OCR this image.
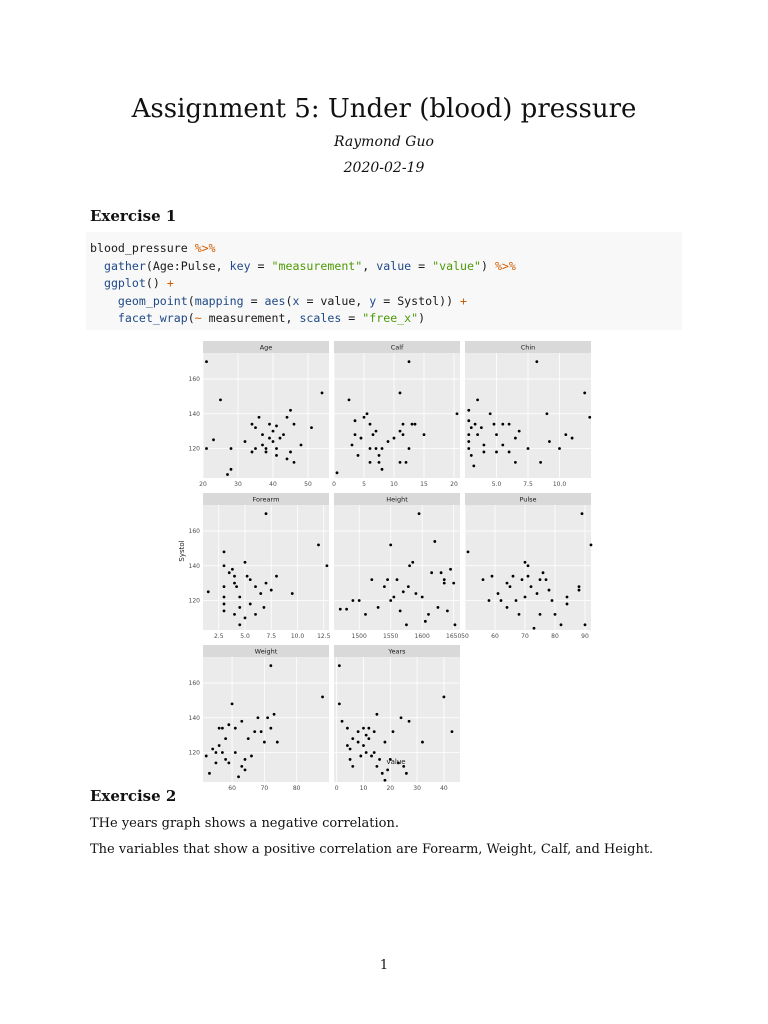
Assignment 5: Under (blood) pressure
Raymond Guo
2020-02-19
Exercise 1
blood_pressure %>%
gather(Age:Pulse, key = "measurement", value = "value") %>%
ggplot() +
geom_point(mapping = aes(x = value, y = Systol)) +
facet_wrap(~ measurement, scales = "free_x")
Age
120
140
160
20	30	40	50
Calf
0	5	10	15	20
Chin
5.0	7.5	10.0
Forearm
120
140
160
2.5	5.0	7.5 10.0 12.5
Height
1500	1550	1600	1650
Pulse
50	60	70	80	90
Weight
120
140
160
60	70	80
Years
0	10	20	30	40
Systol
value
Exercise 2

THe years graph shows a negative correlation.

The variables that show a positive correlation are Forearm, Weight, Calf, and Height.

1
